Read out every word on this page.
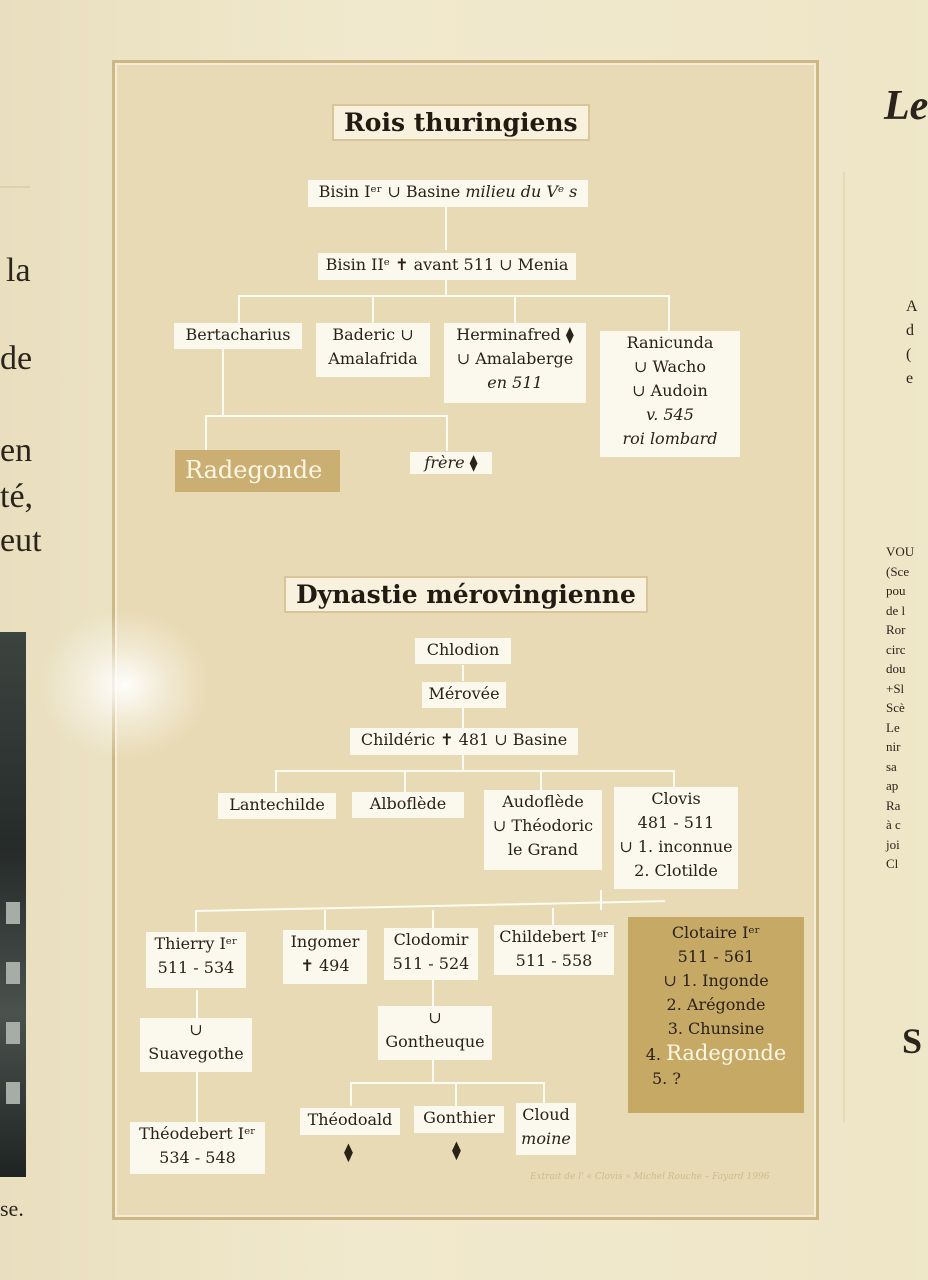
la
de
en
té,
eut
se.
Le
A
d
(
e
VOU
(Sce
pou
de l
Ror
circ
dou
+Sl
Scè
Le
nir
sa
ap
Ra
à c
joi
Cl
S
Rois thuringiens
Bisin Iᵉʳ ∪ Basine milieu du Vᵉ s
Bisin IIᵉ ✝ avant 511 ∪ Menia
Bertacharius	Baderic ∪
Amalafrida
Herminafred ⧫
∪ Amalaberge
en 511
Ranicunda
∪ Wacho
∪ Audoin
v. 545
roi lombard
Radegonde	frère ⧫
Dynastie mérovingienne
Chlodion
Mérovée
Childéric ✝ 481 ∪ Basine
Lantechilde	Alboflède	Audoflède
∪ Théodoric
le Grand
Clovis
481 - 511
∪ 1. inconnue
2. Clotilde
Thierry Iᵉʳ
511 - 534
Ingomer
✝ 494
Clodomir
511 - 524
Childebert Iᵉʳ
511 - 558
Clotaire Iᵉʳ
511 - 561
∪ 1. Ingonde
2. Arégonde
3. Chunsine
4. Radegonde
5. ?
∪
Suavegothe
∪
Gontheuque
Théodebert Iᵉʳ
534 - 548
Théodoald	Gonthier	Cloud
moine
⧫	⧫
Extrait de l' « Clovis » Michel Rouche – Fayard 1996
